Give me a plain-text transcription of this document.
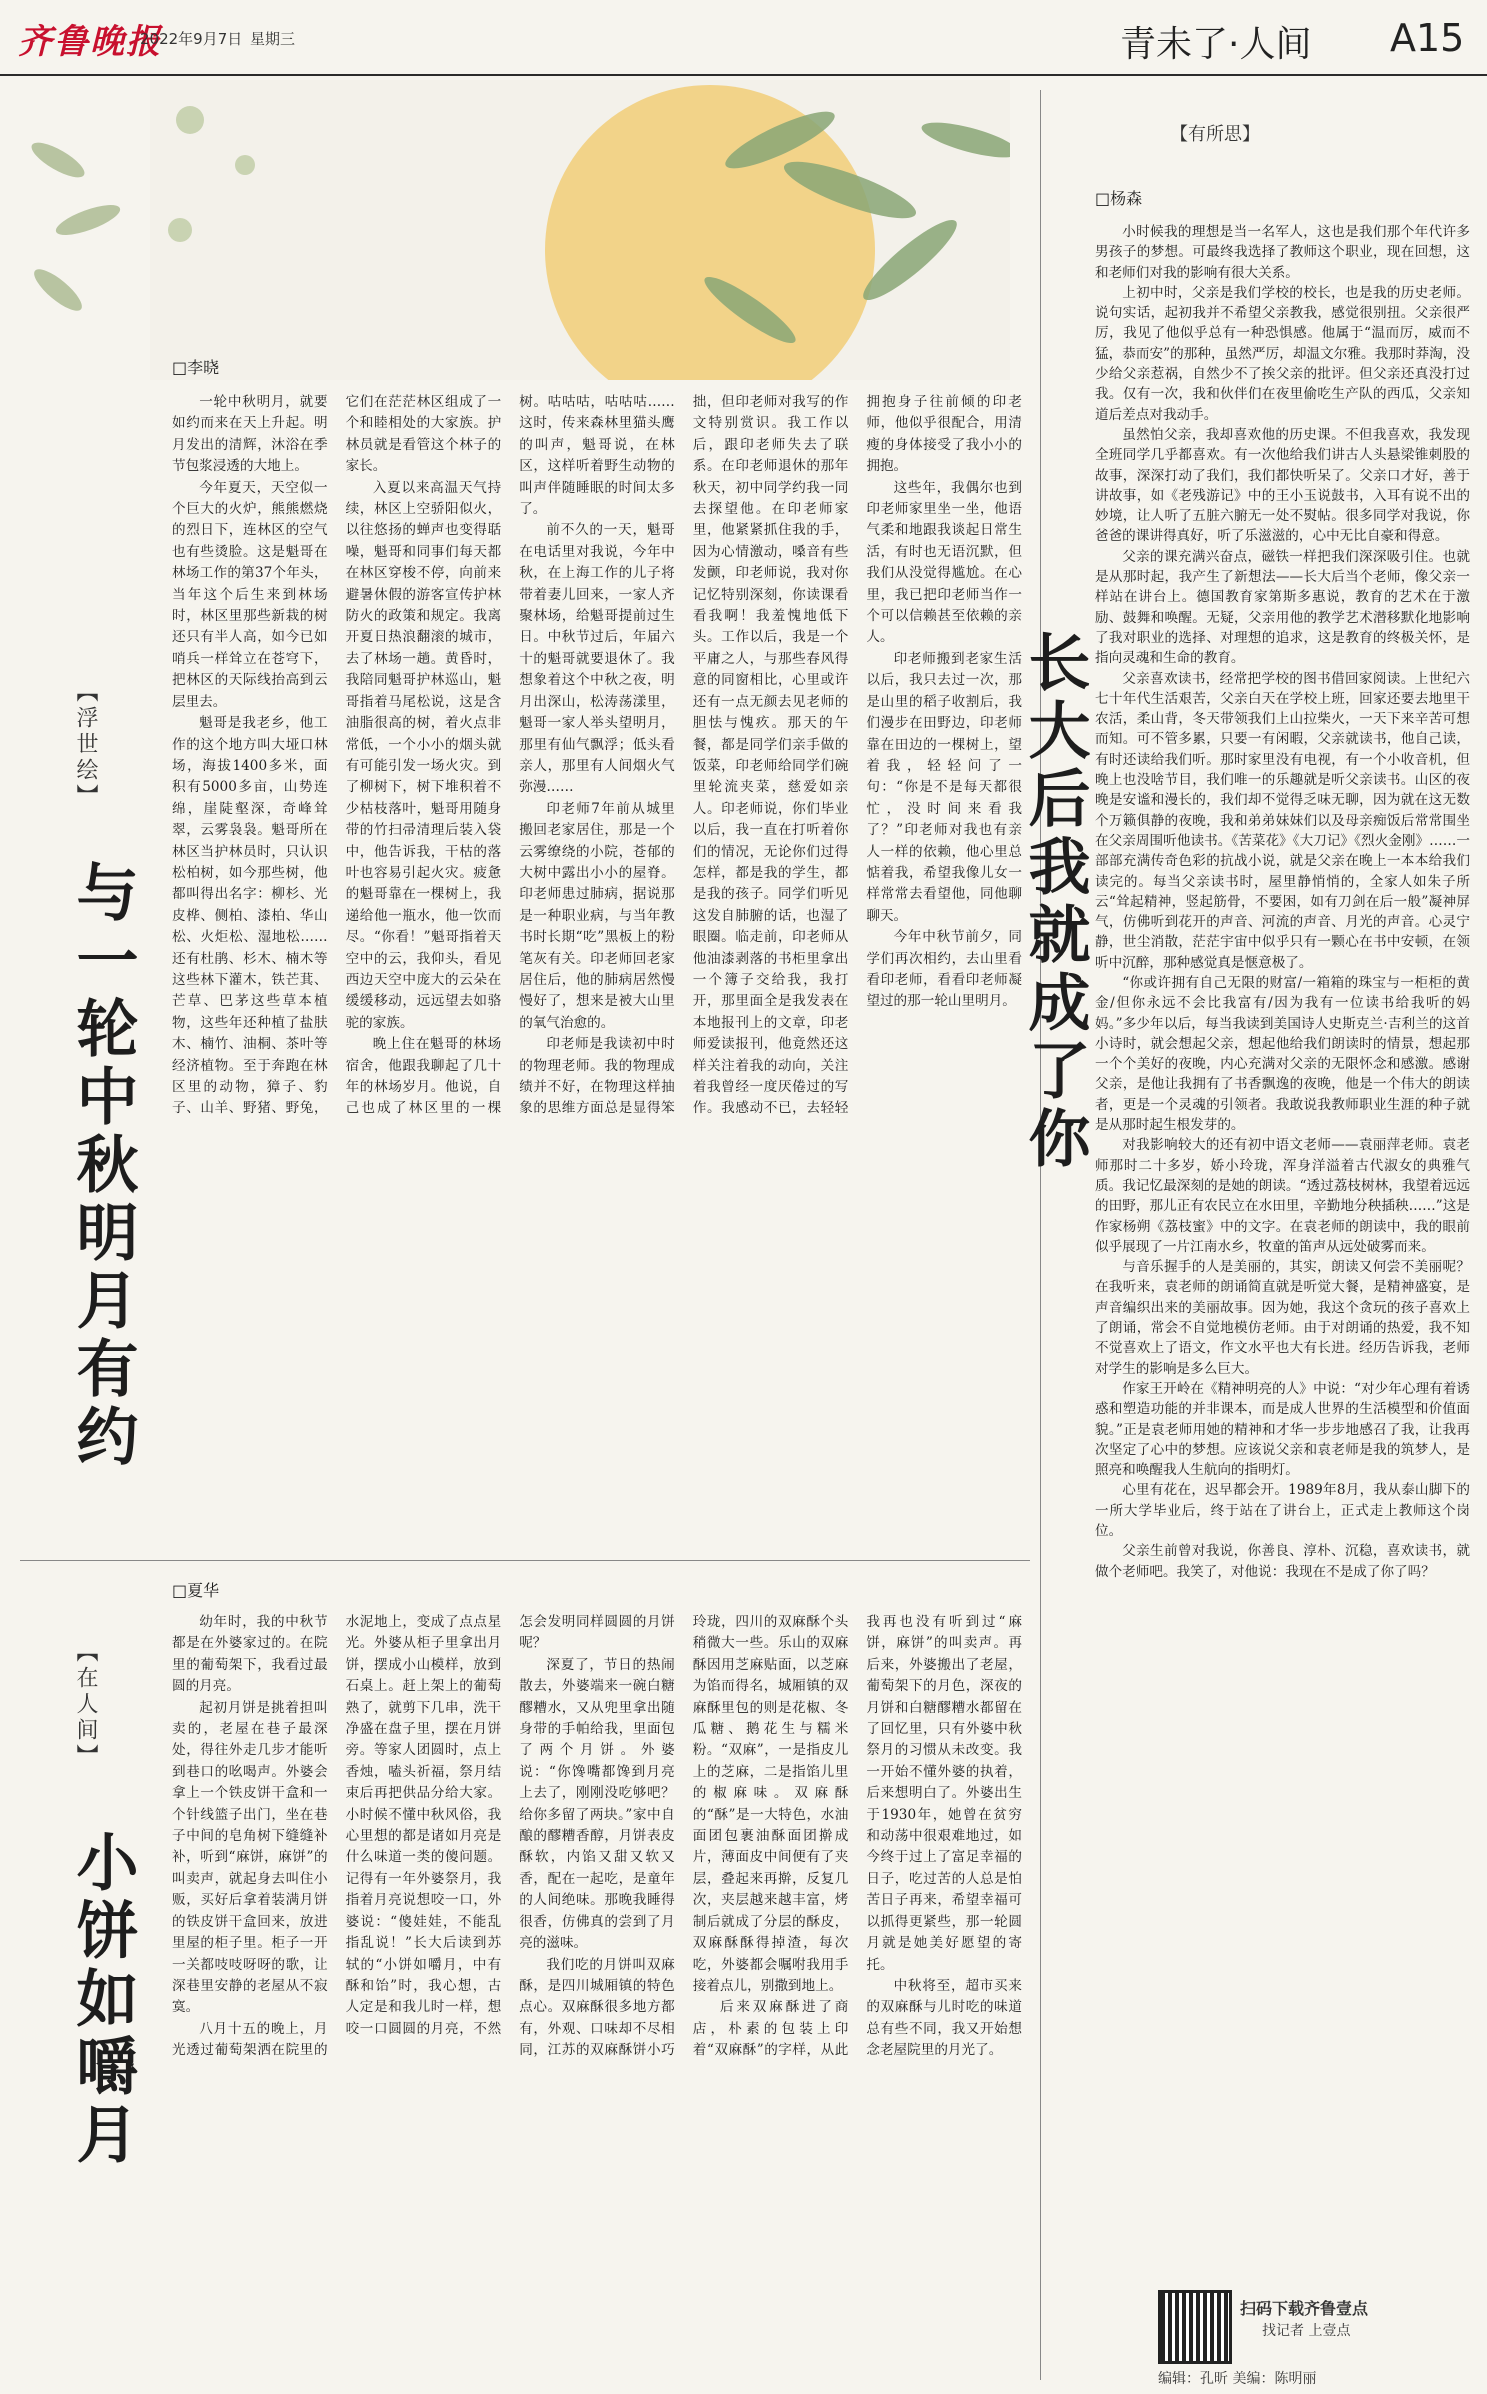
齐鲁晚报
2022年9月7日 星期三	青未了·人间 A15
【浮世绘】
与一轮中秋明月有约
□李晓

一轮中秋明月，就要如约而来在天上升起。明月发出的清辉，沐浴在季节包浆浸透的大地上。

今年夏天，天空似一个巨大的火炉，熊熊燃烧的烈日下，连林区的空气也有些烫脸。这是魁哥在林场工作的第37个年头，当年这个后生来到林场时，林区里那些新栽的树还只有半人高，如今已如哨兵一样耸立在苍穹下，把林区的天际线抬高到云层里去。

魁哥是我老乡，他工作的这个地方叫大垭口林场，海拔1400多米，面积有5000多亩，山势连绵，崖陡壑深，奇峰耸翠，云雾袅袅。魁哥所在林区当护林员时，只认识松柏树，如今那些树，他都叫得出名字：柳杉、光皮桦、侧柏、漆柏、华山松、火炬松、湿地松……还有杜鹃、杉木、楠木等这些林下灌木，铁芒萁、芒草、巴茅这些草本植物，这些年还种植了盐肤木、楠竹、油桐、茶叶等经济植物。至于奔跑在林区里的动物，獐子、豹子、山羊、野猪、野兔，它们在茫茫林区组成了一个和睦相处的大家族。护林员就是看管这个林子的家长。

入夏以来高温天气持续，林区上空骄阳似火，以往悠扬的蝉声也变得聒噪，魁哥和同事们每天都在林区穿梭不停，向前来避暑休假的游客宣传护林防火的政策和规定。我离开夏日热浪翻滚的城市，去了林场一趟。黄昏时，我陪同魁哥护林巡山，魁哥指着马尾松说，这是含油脂很高的树，着火点非常低，一个小小的烟头就有可能引发一场火灾。到了柳树下，树下堆积着不少枯枝落叶，魁哥用随身带的竹扫帚清理后装入袋中，他告诉我，干枯的落叶也容易引起火灾。疲惫的魁哥靠在一棵树上，我递给他一瓶水，他一饮而尽。“你看！”魁哥指着天空中的云，我仰头，看见西边天空中庞大的云朵在缓缓移动，远远望去如骆驼的家族。

晚上住在魁哥的林场宿舍，他跟我聊起了几十年的林场岁月。他说，自己也成了林区里的一棵树。咕咕咕，咕咕咕……这时，传来森林里猫头鹰的叫声，魁哥说，在林区，这样听着野生动物的叫声伴随睡眠的时间太多了。

前不久的一天，魁哥在电话里对我说，今年中秋，在上海工作的儿子将带着妻儿回来，一家人齐聚林场，给魁哥提前过生日。中秋节过后，年届六十的魁哥就要退休了。我想象着这个中秋之夜，明月出深山，松涛荡漾里，魁哥一家人举头望明月，那里有仙气飘浮；低头看亲人，那里有人间烟火气弥漫……

印老师7年前从城里搬回老家居住，那是一个云雾缭绕的小院，苍郁的大树中露出小小的屋脊。印老师患过肺病，据说那是一种职业病，与当年教书时长期“吃”黑板上的粉笔灰有关。印老师回老家居住后，他的肺病居然慢慢好了，想来是被大山里的氧气治愈的。

印老师是我读初中时的物理老师。我的物理成绩并不好，在物理这样抽象的思维方面总是显得笨拙，但印老师对我写的作文特别赏识。我工作以后，跟印老师失去了联系。在印老师退休的那年秋天，初中同学约我一同去探望他。在印老师家里，他紧紧抓住我的手，因为心情激动，嗓音有些发颤，印老师说，我对你记忆特别深刻，你读课看看我啊！我羞愧地低下头。工作以后，我是一个平庸之人，与那些春风得意的同窗相比，心里或许还有一点无颜去见老师的胆怯与愧疚。那天的午餐，都是同学们亲手做的饭菜，印老师给同学们碗里轮流夹菜，慈爱如亲人。印老师说，你们毕业以后，我一直在打听着你们的情况，无论你们过得怎样，都是我的学生，都是我的孩子。同学们听见这发自肺腑的话，也湿了眼圈。临走前，印老师从他油漆剥落的书柜里拿出一个簿子交给我，我打开，那里面全是我发表在本地报刊上的文章，印老师爱读报刊，他竟然还这样关注着我的动向，关注着我曾经一度厌倦过的写作。我感动不已，去轻轻拥抱身子往前倾的印老师，他似乎很配合，用清瘦的身体接受了我小小的拥抱。

这些年，我偶尔也到印老师家里坐一坐，他语气柔和地跟我谈起日常生活，有时也无语沉默，但我们从没觉得尴尬。在心里，我已把印老师当作一个可以信赖甚至依赖的亲人。

印老师搬到老家生活以后，我只去过一次，那是山里的稻子收割后，我们漫步在田野边，印老师靠在田边的一棵树上，望着我，轻轻问了一句：“你是不是每天都很忙，没时间来看我了？”印老师对我也有亲人一样的依赖，他心里总惦着我，希望我像儿女一样常常去看望他，同他聊聊天。

今年中秋节前夕，同学们再次相约，去山里看看印老师，看看印老师凝望过的那一轮山里明月。

【在人间】
小饼如嚼月
□夏华

幼年时，我的中秋节都是在外婆家过的。在院里的葡萄架下，我看过最圆的月亮。

起初月饼是挑着担叫卖的，老屋在巷子最深处，得往外走几步才能听到巷口的吆喝声。外婆会拿上一个铁皮饼干盒和一个针线篮子出门，坐在巷子中间的皂角树下缝缝补补，听到“麻饼，麻饼”的叫卖声，就起身去叫住小贩，买好后拿着装满月饼的铁皮饼干盒回来，放进里屋的柜子里。柜子一开一关都吱吱呀呀的歌，让深巷里安静的老屋从不寂寞。

八月十五的晚上，月光透过葡萄架洒在院里的水泥地上，变成了点点星光。外婆从柜子里拿出月饼，摆成小山模样，放到石桌上。赶上架上的葡萄熟了，就剪下几串，洗干净盛在盘子里，摆在月饼旁。等家人团圆时，点上香烛，嗑头祈福，祭月结束后再把供品分给大家。小时候不懂中秋风俗，我心里想的都是诸如月亮是什么味道一类的傻问题。记得有一年外婆祭月，我指着月亮说想咬一口，外婆说：“傻娃娃，不能乱指乱说！”长大后读到苏轼的“小饼如嚼月，中有酥和饴”时，我心想，古人定是和我儿时一样，想咬一口圆圆的月亮，不然怎会发明同样圆圆的月饼呢？

深夏了，节日的热闹散去，外婆端来一碗白糖醪糟水，又从兜里拿出随身带的手帕给我，里面包了两个月饼。外婆说：“你馋嘴都馋到月亮上去了，刚刚没吃够吧？给你多留了两块。”家中自酿的醪糟香醇，月饼表皮酥软，内馅又甜又软又香，配在一起吃，是童年的人间绝味。那晚我睡得很香，仿佛真的尝到了月亮的滋味。

我们吃的月饼叫双麻酥，是四川城厢镇的特色点心。双麻酥很多地方都有，外观、口味却不尽相同，江苏的双麻酥饼小巧玲珑，四川的双麻酥个头稍微大一些。乐山的双麻酥因用芝麻贴面，以芝麻为馅而得名，城厢镇的双麻酥里包的则是花椒、冬瓜糖、鹅花生与糯米粉。“双麻”，一是指皮儿上的芝麻，二是指馅儿里的椒麻味。双麻酥的“酥”是一大特色，水油面团包裹油酥面团擀成片，薄面皮中间便有了夹层，叠起来再擀，反复几次，夹层越来越丰富，烤制后就成了分层的酥皮，双麻酥酥得掉渣，每次吃，外婆都会嘱咐我用手接着点儿，别撒到地上。

后来双麻酥进了商店，朴素的包装上印着“双麻酥”的字样，从此我再也没有听到过“麻饼，麻饼”的叫卖声。再后来，外婆搬出了老屋，葡萄架下的月色，深夜的月饼和白糖醪糟水都留在了回忆里，只有外婆中秋祭月的习惯从未改变。我一开始不懂外婆的执着，后来想明白了。外婆出生于1930年，她曾在贫穷和动荡中很艰难地过，如今终于过上了富足幸福的日子，吃过苦的人总是怕苦日子再来，希望幸福可以抓得更紧些，那一轮圆月就是她美好愿望的寄托。

中秋将至，超市买来的双麻酥与儿时吃的味道总有些不同，我又开始想念老屋院里的月光了。

【有所思】
长大后我就成了你
□杨森

小时候我的理想是当一名军人，这也是我们那个年代许多男孩子的梦想。可最终我选择了教师这个职业，现在回想，这和老师们对我的影响有很大关系。

上初中时，父亲是我们学校的校长，也是我的历史老师。说句实话，起初我并不希望父亲教我，感觉很别扭。父亲很严厉，我见了他似乎总有一种恐惧感。他属于“温而厉，威而不猛，恭而安”的那种，虽然严厉，却温文尔雅。我那时莽淘，没少给父亲惹祸，自然少不了挨父亲的批评。但父亲还真没打过我。仅有一次，我和伙伴们在夜里偷吃生产队的西瓜，父亲知道后差点对我动手。

虽然怕父亲，我却喜欢他的历史课。不但我喜欢，我发现全班同学几乎都喜欢。有一次他给我们讲古人头悬梁锥刺股的故事，深深打动了我们，我们都快听呆了。父亲口才好，善于讲故事，如《老残游记》中的王小玉说鼓书，入耳有说不出的妙境，让人听了五脏六腑无一处不熨帖。很多同学对我说，你爸爸的课讲得真好，听了乐滋滋的，心中无比自豪和得意。

父亲的课充满兴奋点，磁铁一样把我们深深吸引住。也就是从那时起，我产生了新想法——长大后当个老师，像父亲一样站在讲台上。德国教育家第斯多惠说，教育的艺术在于激励、鼓舞和唤醒。无疑，父亲用他的教学艺术潜移默化地影响了我对职业的选择、对理想的追求，这是教育的终极关怀，是指向灵魂和生命的教育。

父亲喜欢读书，经常把学校的图书借回家阅读。上世纪六七十年代生活艰苦，父亲白天在学校上班，回家还要去地里干农活，柔山背，冬天带领我们上山拉柴火，一天下来辛苦可想而知。可不管多累，只要一有闲暇，父亲就读书，他自己读，有时还读给我们听。那时家里没有电视，有一个小收音机，但晚上也没啥节目，我们唯一的乐趣就是听父亲读书。山区的夜晚是安谧和漫长的，我们却不觉得乏味无聊，因为就在这无数个万籁俱静的夜晚，我和弟弟妹妹们以及母亲痴饭后常常围坐在父亲周围听他读书。《苦菜花》《大刀记》《烈火金刚》……一部部充满传奇色彩的抗战小说，就是父亲在晚上一本本给我们读完的。每当父亲读书时，屋里静悄悄的，全家人如朱子所云“耸起精神，竖起筋骨，不要困，如有刀剑在后一般”凝神屏气，仿佛听到花开的声音、河流的声音、月光的声音。心灵宁静，世尘消散，茫茫宇宙中似乎只有一颗心在书中安顿，在领听中沉醉，那种感觉真是惬意极了。

“你或许拥有自己无限的财富/一箱箱的珠宝与一柜柜的黄金/但你永远不会比我富有/因为我有一位读书给我听的妈妈。”多少年以后，每当我读到美国诗人史斯克兰·吉利兰的这首小诗时，就会想起父亲，想起他给我们朗读时的情景，想起那一个个美好的夜晚，内心充满对父亲的无限怀念和感激。感谢父亲，是他让我拥有了书香飘逸的夜晚，他是一个伟大的朗读者，更是一个灵魂的引领者。我敢说我教师职业生涯的种子就是从那时起生根发芽的。

对我影响较大的还有初中语文老师——袁丽萍老师。袁老师那时二十多岁，娇小玲珑，浑身洋溢着古代淑女的典雅气质。我记忆最深刻的是她的朗读。“透过荔枝树林，我望着远远的田野，那儿正有农民立在水田里，辛勤地分秧插秧……”这是作家杨朔《荔枝蜜》中的文字。在袁老师的朗读中，我的眼前似乎展现了一片江南水乡，牧童的笛声从远处破雾而来。

与音乐握手的人是美丽的，其实，朗读又何尝不美丽呢？在我听来，袁老师的朗诵简直就是听觉大餐，是精神盛宴，是声音编织出来的美丽故事。因为她，我这个贪玩的孩子喜欢上了朗诵，常会不自觉地模仿老师。由于对朗诵的热爱，我不知不觉喜欢上了语文，作文水平也大有长进。经历告诉我，老师对学生的影响是多么巨大。

作家王开岭在《精神明亮的人》中说：“对少年心理有着诱惑和塑造功能的并非课本，而是成人世界的生活模型和价值面貌。”正是袁老师用她的精神和才华一步步地感召了我，让我再次坚定了心中的梦想。应该说父亲和袁老师是我的筑梦人，是照亮和唤醒我人生航向的指明灯。

心里有花在，迟早都会开。1989年8月，我从泰山脚下的一所大学毕业后，终于站在了讲台上，正式走上教师这个岗位。

父亲生前曾对我说，你善良、淳朴、沉稳，喜欢读书，就做个老师吧。我笑了，对他说：我现在不是成了你了吗？

扫码下载齐鲁壹点
找记者 上壹点
编辑：孔昕 美编：陈明丽
